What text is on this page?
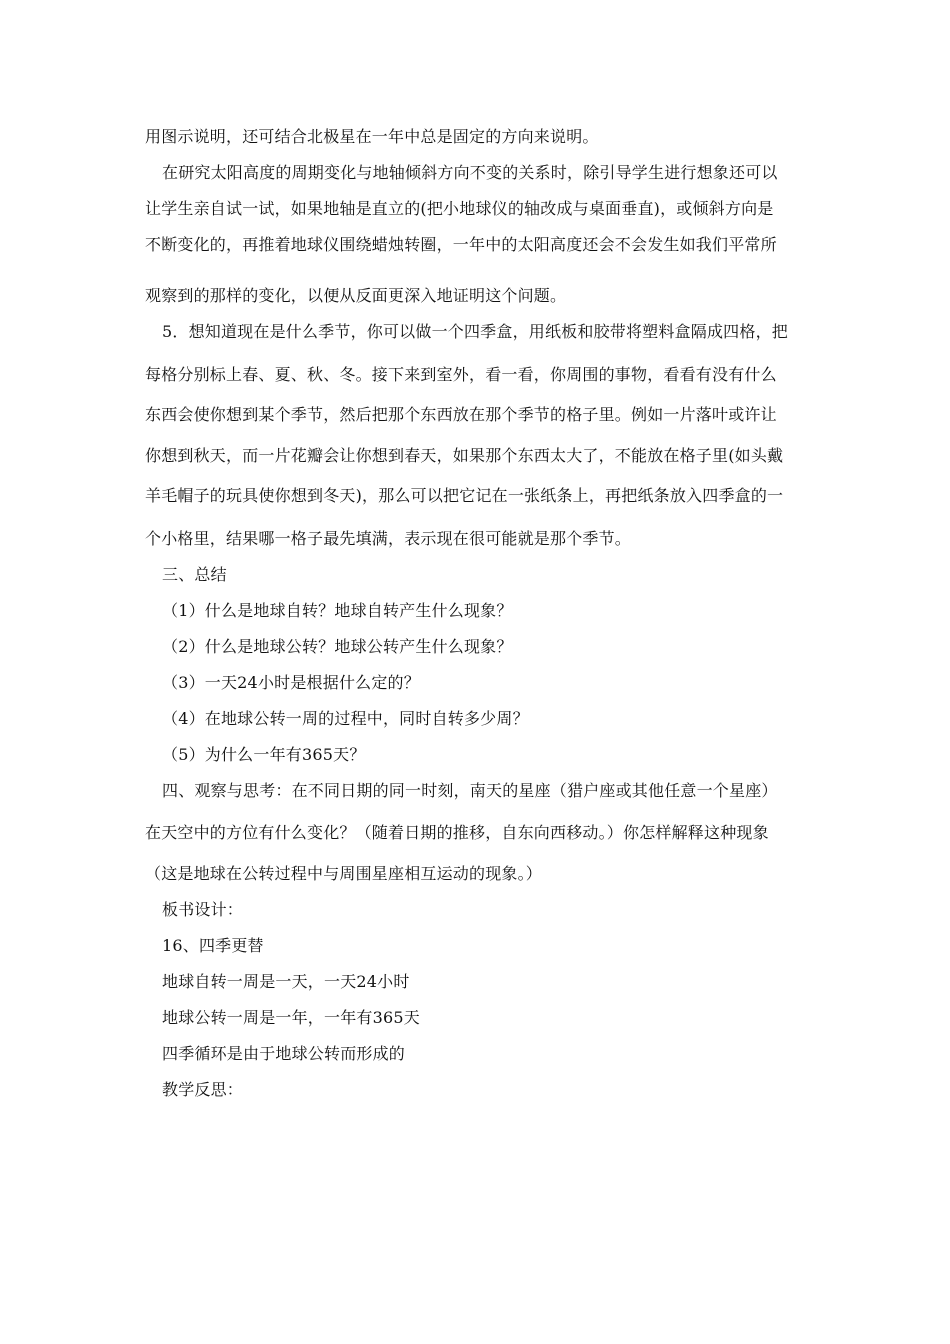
用图示说明，还可结合北极星在一年中总是固定的方向来说明。
在研究太阳高度的周期变化与地轴倾斜方向不变的关系时，除引导学生进行想象还可以
让学生亲自试一试，如果地轴是直立的(把小地球仪的轴改成与桌面垂直)，或倾斜方向是
不断变化的，再推着地球仪围绕蜡烛转圈，一年中的太阳高度还会不会发生如我们平常所
观察到的那样的变化，以便从反面更深入地证明这个问题。
5．想知道现在是什么季节，你可以做一个四季盒，用纸板和胶带将塑料盒隔成四格，把
每格分别标上春、夏、秋、冬。接下来到室外，看一看，你周围的事物，看看有没有什么
东西会使你想到某个季节，然后把那个东西放在那个季节的格子里。例如一片落叶或许让
你想到秋天，而一片花瓣会让你想到春天，如果那个东西太大了，不能放在格子里(如头戴
羊毛帽子的玩具使你想到冬天)，那么可以把它记在一张纸条上，再把纸条放入四季盒的一
个小格里，结果哪一格子最先填满，表示现在很可能就是那个季节。
三、总结
（1）什么是地球自转？地球自转产生什么现象？
（2）什么是地球公转？地球公转产生什么现象？
（3）一天24小时是根据什么定的？
（4）在地球公转一周的过程中，同时自转多少周？
（5）为什么一年有365天？
四、观察与思考：在不同日期的同一时刻，南天的星座（猎户座或其他任意一个星座）
在天空中的方位有什么变化？（随着日期的推移，自东向西移动。）你怎样解释这种现象
（这是地球在公转过程中与周围星座相互运动的现象。）
板书设计：
16、四季更替
地球自转一周是一天，一天24小时
地球公转一周是一年，一年有365天
四季循环是由于地球公转而形成的
教学反思：
